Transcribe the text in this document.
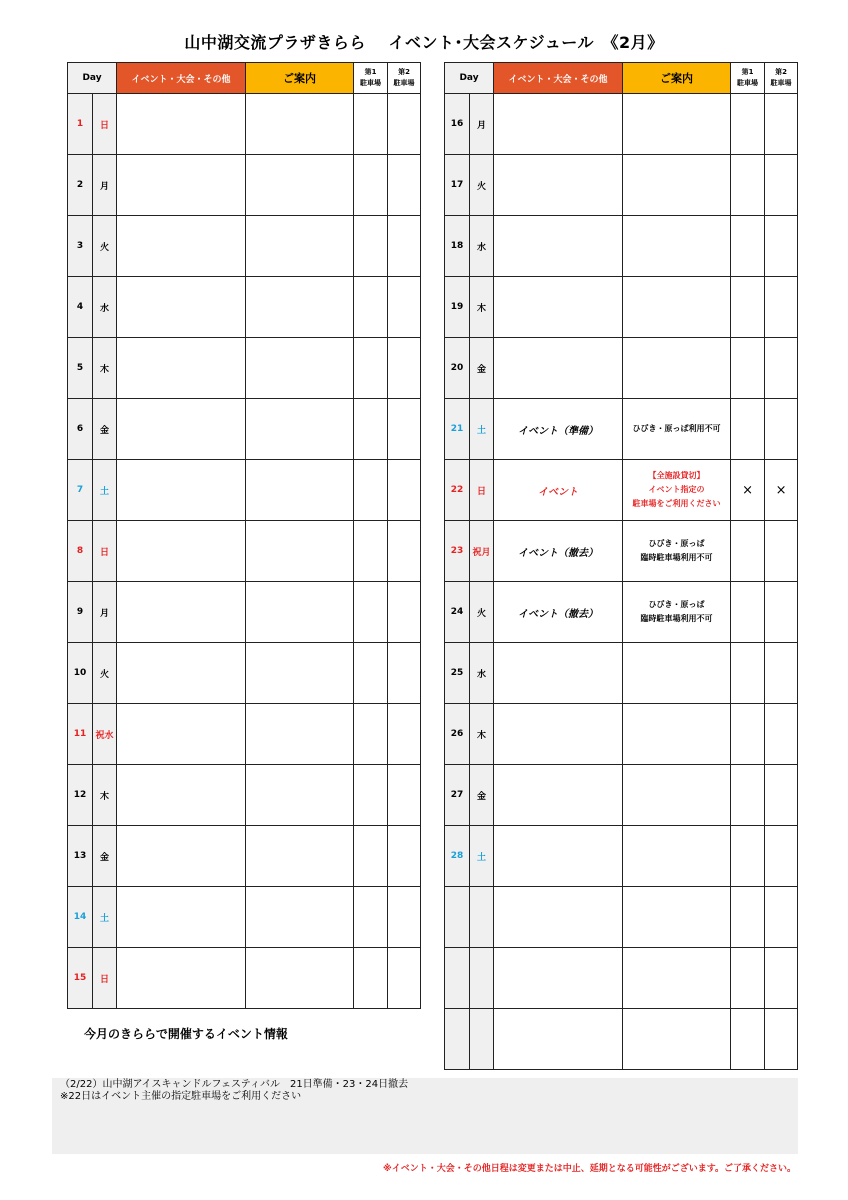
山中湖交流プラザきらら　 イベント･大会スケジュール　《2月》
Day		イベント・大会・その他	ご案内	第1
駐車場	第2
駐車場
1	日				
2	月				
3	火				
4	水				
5	木				
6	金				
7	土				
8	日				
9	月				
10	火				
11	祝水				
12	木				
13	金				
14	土				
15	日				
Day		イベント・大会・その他	ご案内	第1
駐車場	第2
駐車場
16	月				
17	火				
18	水				
19	木				
20	金				
21	土	イベント（準備）	ひびき・原っぱ利用不可		

22	日	イベント	【全施設貸切】
イベント指定の
駐車場をご利用ください	×	×
23	祝月	イベント（撤去）	ひびき・原っぱ
臨時駐車場利用不可		

24	火	イベント（撤去）	ひびき・原っぱ
臨時駐車場利用不可		

25	水				
26	木				
27	金				
28	土				

今月のきららで開催するイベント情報
（2/22）山中湖アイスキャンドルフェスティバル　21日準備・23・24日撤去
※22日はイベント主催の指定駐車場をご利用ください
※イベント・大会・その他日程は変更または中止、延期となる可能性がございます。ご了承ください。
